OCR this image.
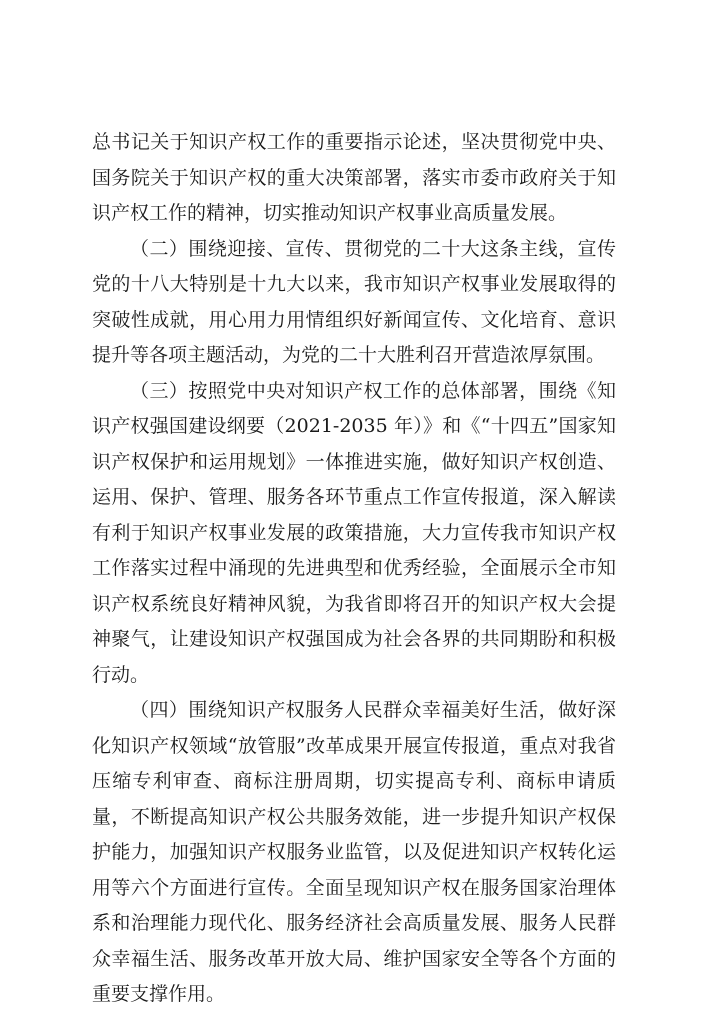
总书记关于知识产权工作的重要指示论述，坚决贯彻党中央、国务院关于知识产权的重大决策部署，落实市委市政府关于知识产权工作的精神，切实推动知识产权事业高质量发展。

（二）围绕迎接、宣传、贯彻党的二十大这条主线，宣传党的十八大特别是十九大以来，我市知识产权事业发展取得的突破性成就，用心用力用情组织好新闻宣传、文化培育、意识提升等各项主题活动，为党的二十大胜利召开营造浓厚氛围。

（三）按照党中央对知识产权工作的总体部署，围绕《知识产权强国建设纲要（2021-2035 年）》和《“十四五”国家知识产权保护和运用规划》一体推进实施，做好知识产权创造、运用、保护、管理、服务各环节重点工作宣传报道，深入解读有利于知识产权事业发展的政策措施，大力宣传我市知识产权工作落实过程中涌现的先进典型和优秀经验，全面展示全市知识产权系统良好精神风貌，为我省即将召开的知识产权大会提神聚气，让建设知识产权强国成为社会各界的共同期盼和积极行动。

（四）围绕知识产权服务人民群众幸福美好生活，做好深化知识产权领域“放管服”改革成果开展宣传报道，重点对我省压缩专利审查、商标注册周期，切实提高专利、商标申请质量，不断提高知识产权公共服务效能，进一步提升知识产权保护能力，加强知识产权服务业监管，以及促进知识产权转化运用等六个方面进行宣传。全面呈现知识产权在服务国家治理体系和治理能力现代化、服务经济社会高质量发展、服务人民群众幸福生活、服务改革开放大局、维护国家安全等各个方面的重要支撑作用。
